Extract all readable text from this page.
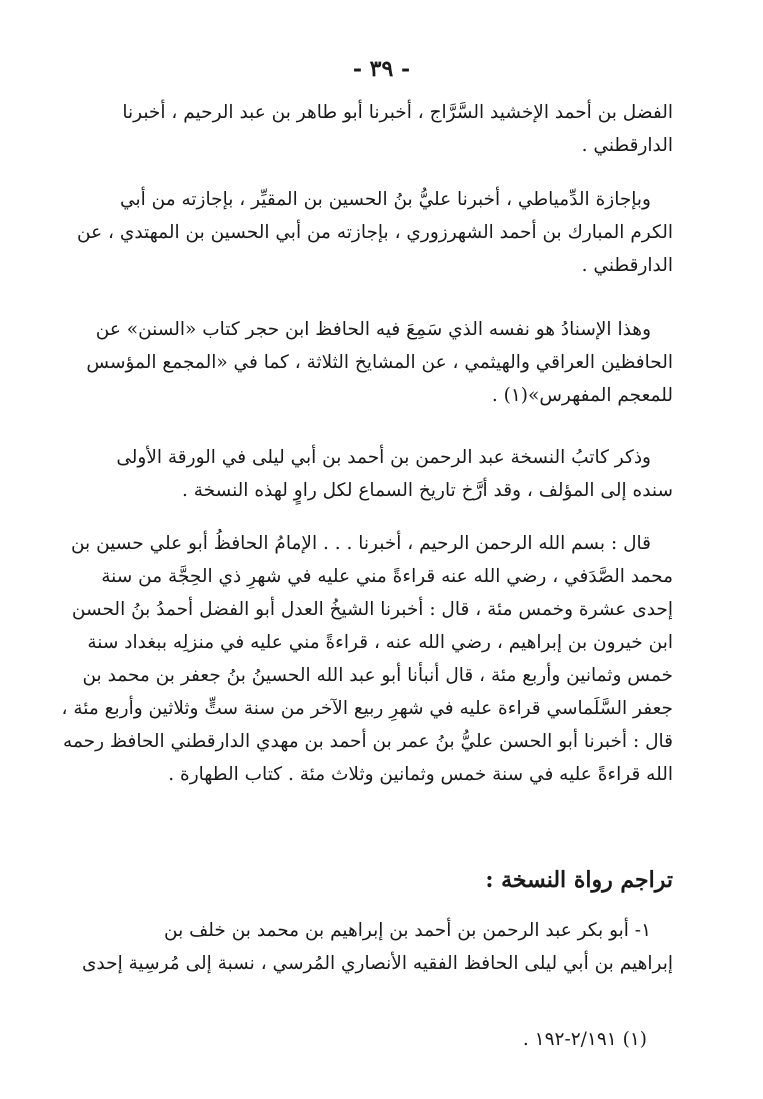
- ٣٩ -
الفضل بن أحمد الإخشيد السَّرَّاج ، أخبرنا أبو طاهر بن عبد الرحيم ، أخبرنا
الدارقطني .
وبإجازة الدِّمياطي ، أخبرنا عليُّ بنُ الحسين بن المقيِّر ، بإجازته من أبي
الكرم المبارك بن أحمد الشهرزوري ، بإجازته من أبي الحسين بن المهتدي ، عن
الدارقطني .
وهذا الإسنادُ هو نفسه الذي سَمِعَ فيه الحافظ ابن حجر كتاب «السنن» عن
الحافظين العراقي والهيثمي ، عن المشايخ الثلاثة ، كما في «المجمع المؤسس
للمعجم المفهرس»(١) .
وذكر كاتبُ النسخة عبد الرحمن بن أحمد بن أبي ليلى في الورقة الأولى
سنده إلى المؤلف ، وقد أرَّخ تاريخ السماع لكل راوٍ لهذه النسخة .
قال : بسم الله الرحمن الرحيم ، أخبرنا . . . الإمامُ الحافظُ أبو علي حسين بن
محمد الصَّدَفي ، رضي الله عنه قراءةً مني عليه في شهرِ ذي الحِجَّة من سنة
إحدى عشرة وخمس مئة ، قال : أخبرنا الشيخُ العدل أبو الفضل أحمدُ بنُ الحسن
ابن خيرون بن إبراهيم ، رضي الله عنه ، قراءةً مني عليه في منزلِه ببغداد سنة
خمس وثمانين وأربع مئة ، قال أنبأنا أبو عبد الله الحسينُ بنُ جعفر بن محمد بن
جعفر السَّلَماسي قراءة عليه في شهرِ ربيع الآخر من سنة ستٍّ وثلاثين وأربع مئة ،
قال : أخبرنا أبو الحسن عليُّ بنُ عمر بن أحمد بن مهدي الدارقطني الحافظ رحمه
الله قراءةً عليه في سنة خمس وثمانين وثلاث مئة . كتاب الطهارة .
تراجم رواة النسخة :
١- أبو بكر عبد الرحمن بن أحمد بن إبراهيم بن محمد بن خلف بن
إبراهيم بن أبي ليلى الحافظ الفقيه الأنصاري المُرسي ، نسبة إلى مُرسِية إحدى
(١) ٢/١٩١-١٩٢ .
